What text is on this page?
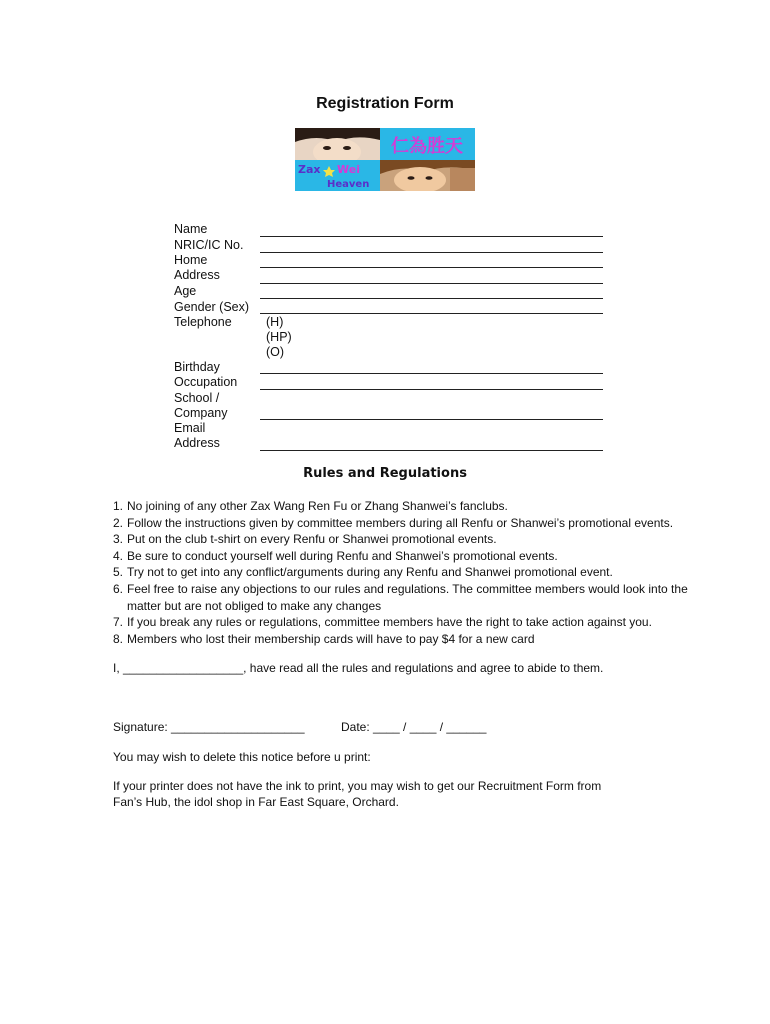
Registration Form
仁為胜天
Zax Wei
Heaven
Name
NRIC/IC No.
Home
Address
Age
Gender (Sex)
Telephone	(H)
(HP)
(O)
Birthday
Occupation
School /
Company
Email
Address
Rules and Regulations
1. No joining of any other Zax Wang Ren Fu or Zhang Shanwei’s fanclubs.
2. Follow the instructions given by committee members during all Renfu or Shanwei’s promotional events.
3. Put on the club t-shirt on every Renfu or Shanwei promotional events.
4. Be sure to conduct yourself well during Renfu and Shanwei’s promotional events.
5. Try not to get into any conflict/arguments during any Renfu and Shanwei promotional event.
6. Feel free to raise any objections to our rules and regulations. The committee members would look into the matter but are not obliged to make any changes
7. If you break any rules or regulations, committee members have the right to take action against you.
8. Members who lost their membership cards will have to pay $4 for a new card
I, __________________, have read all the rules and regulations and agree to abide to them.
Signature: ____________________	Date: ____ / ____ / ______
You may wish to delete this notice before u print:
If your printer does not have the ink to print, you may wish to get our Recruitment Form from
Fan’s Hub, the idol shop in Far East Square, Orchard.
